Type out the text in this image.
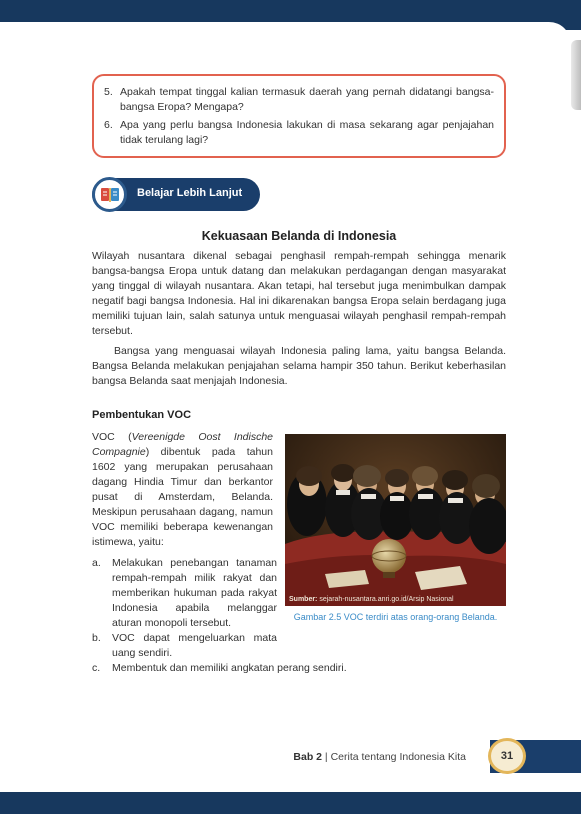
5. Apakah tempat tinggal kalian termasuk daerah yang pernah didatangi bangsa-bangsa Eropa? Mengapa?
6. Apa yang perlu bangsa Indonesia lakukan di masa sekarang agar penjajahan tidak terulang lagi?
Belajar Lebih Lanjut
Kekuasaan Belanda di Indonesia

Wilayah nusantara dikenal sebagai penghasil rempah-rempah sehingga menarik bangsa-bangsa Eropa untuk datang dan melakukan perdagangan dengan masyarakat yang tinggal di wilayah nusantara. Akan tetapi, hal tersebut juga menimbulkan dampak negatif bagi bangsa Indonesia. Hal ini dikarenakan bangsa Eropa selain berdagang juga memiliki tujuan lain, salah satunya untuk menguasai wilayah penghasil rempah-rempah tersebut.

Bangsa yang menguasai wilayah Indonesia paling lama, yaitu bangsa Belanda. Bangsa Belanda melakukan penjajahan selama hampir 350 tahun. Berikut keberhasilan bangsa Belanda saat menjajah Indonesia.

Pembentukan VOC

VOC (Vereenigde Oost Indische Compagnie) dibentuk pada tahun 1602 yang merupakan perusahaan dagang Hindia Timur dan berkantor pusat di Amsterdam, Belanda. Meskipun perusahaan dagang, namun VOC memiliki beberapa kewenangan istimewa, yaitu:

Sumber: sejarah-nusantara.anri.go.id/Arsip Nasional
Gambar 2.5 VOC terdiri atas orang-orang Belanda.
a.	Melakukan penebangan tanaman rempah-rempah milik rakyat dan memberikan hukuman pada rakyat Indonesia apabila melanggar aturan monopoli tersebut.
b.	VOC dapat mengeluarkan mata uang sendiri.
c.	Membentuk dan memiliki angkatan perang sendiri.
Bab 2 | Cerita tentang Indonesia Kita	31
